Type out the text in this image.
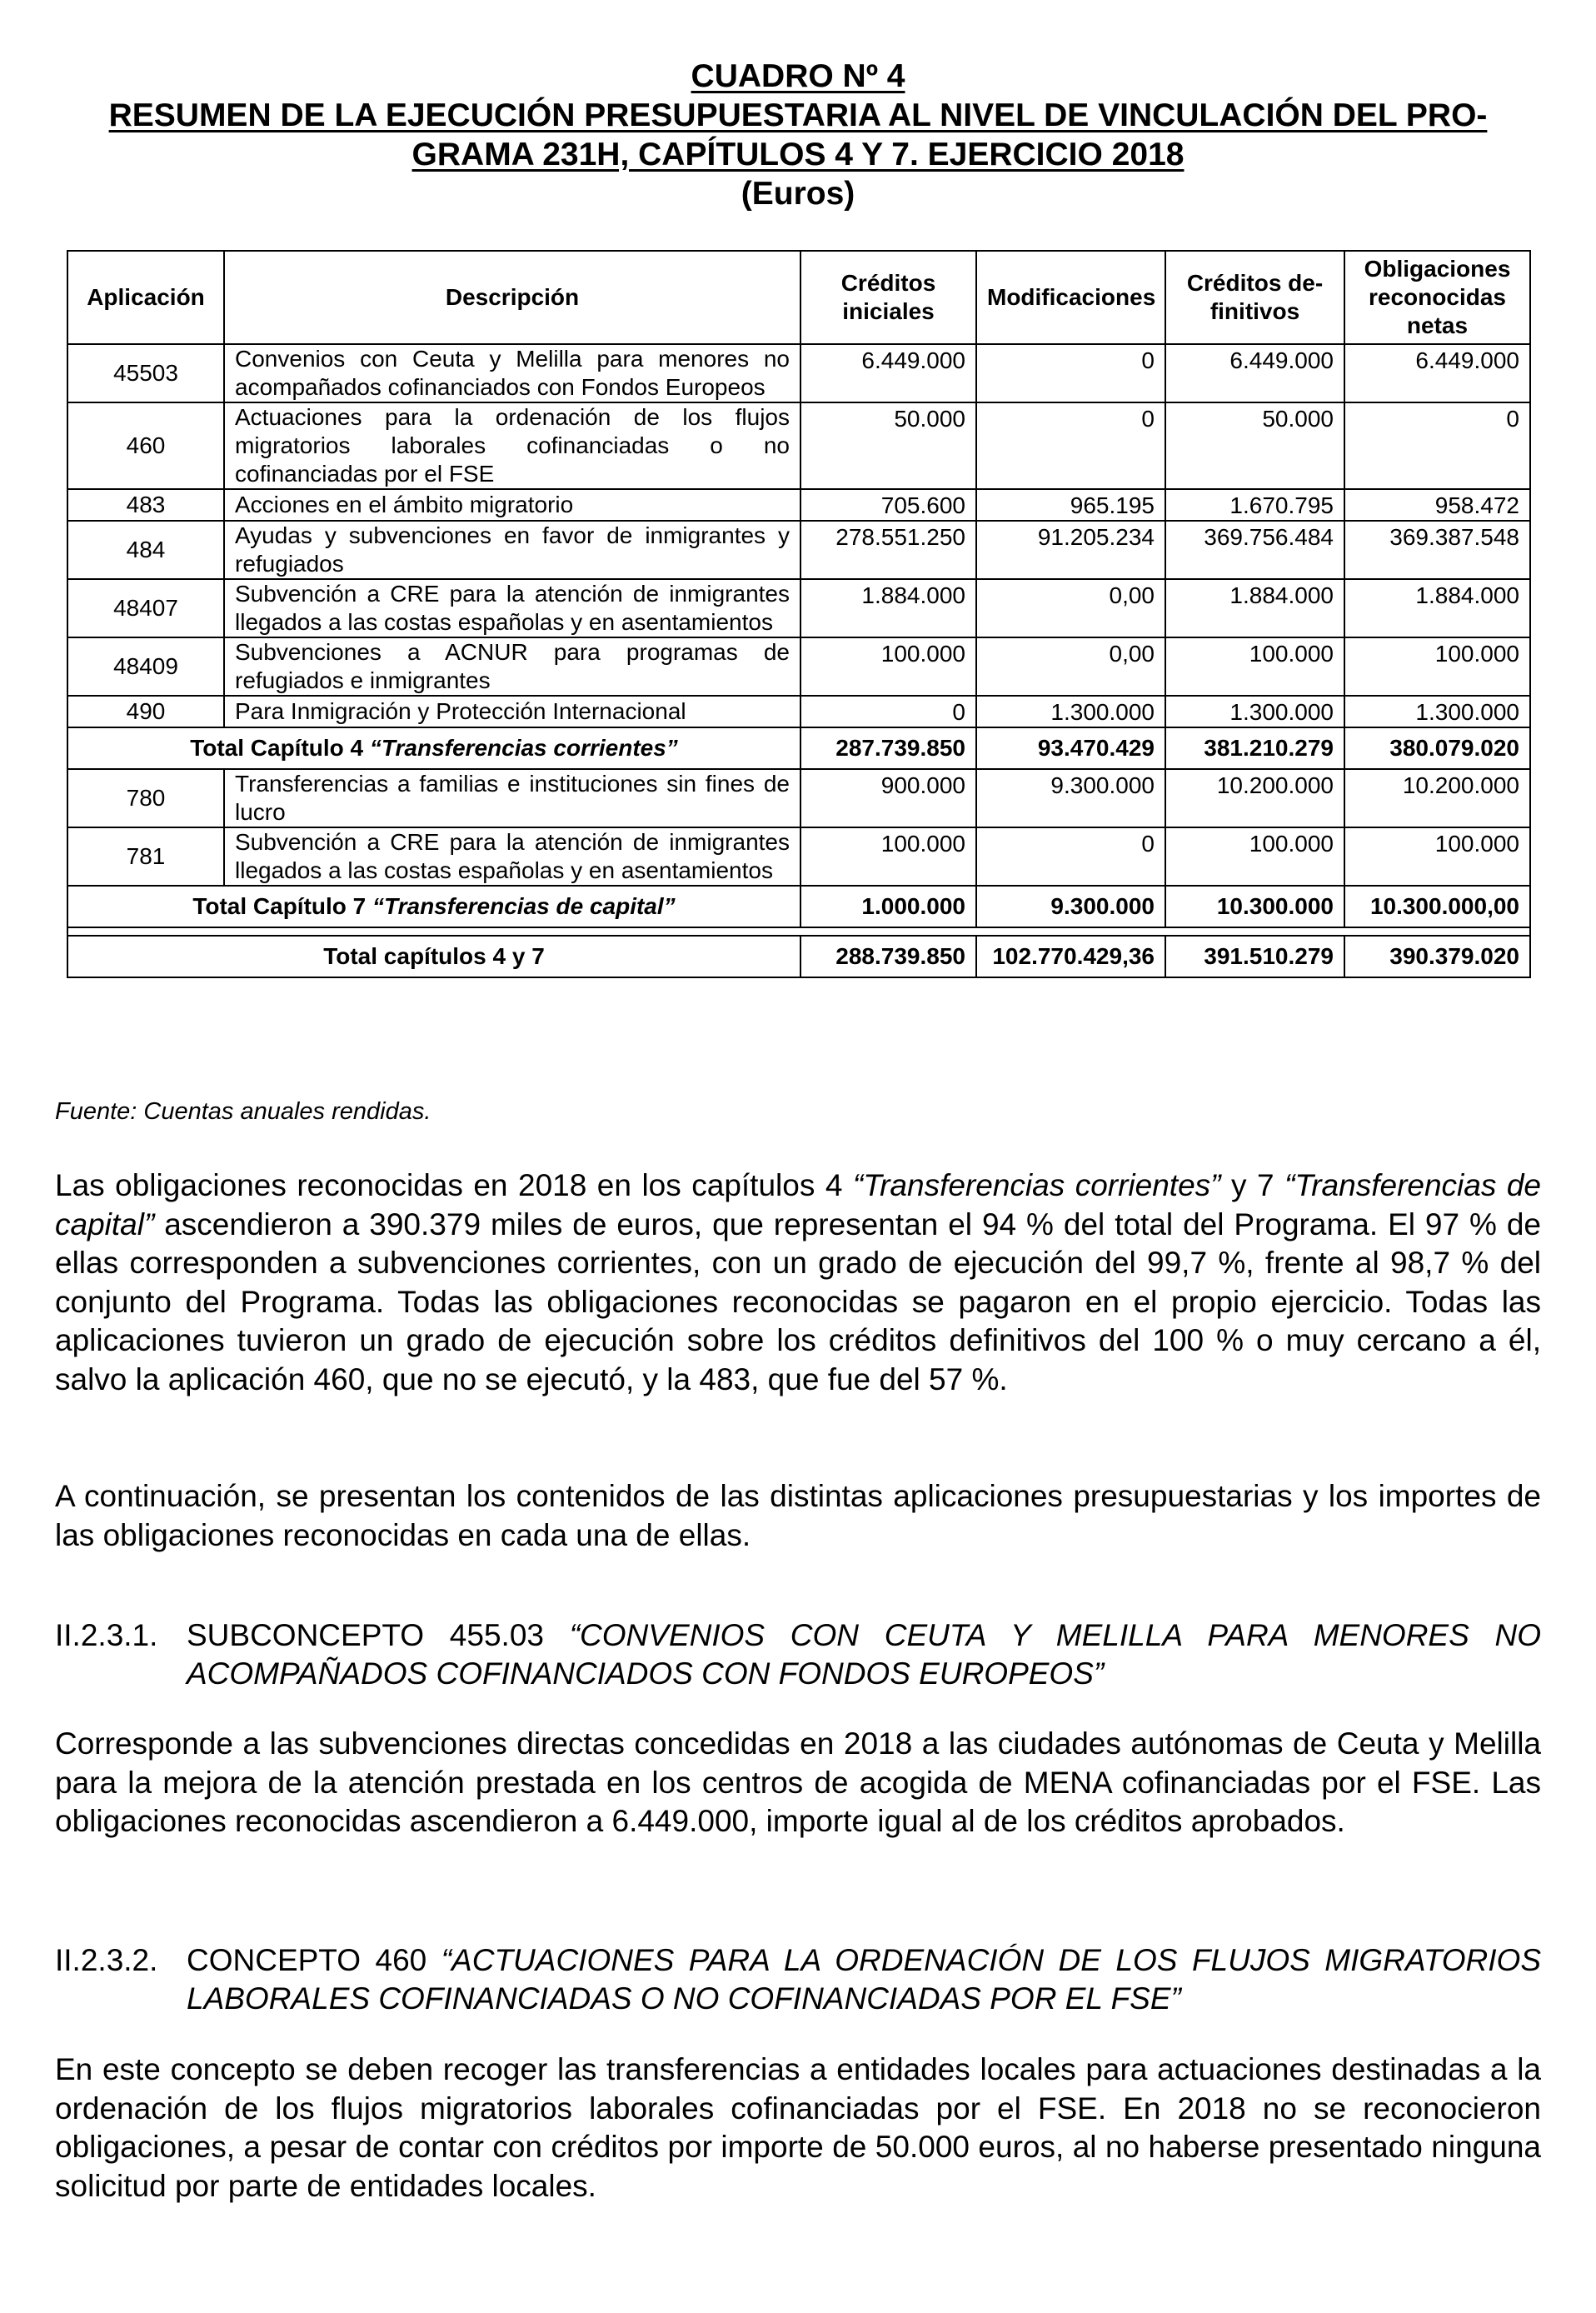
CUADRO Nº 4
RESUMEN DE LA EJECUCIÓN PRESUPUESTARIA AL NIVEL DE VINCULACIÓN DEL PRO-
GRAMA 231H, CAPÍTULOS 4 Y 7. EJERCICIO 2018
(Euros)
Aplicación	Descripción	Créditos iniciales	Modificaciones	Créditos de-finitivos	Obligaciones reconocidas netas
45503	Convenios con Ceuta y Melilla para menores no acompañados cofinanciados con Fondos Europeos	6.449.000	0	6.449.000	6.449.000
460	Actuaciones para la ordenación de los flujos migratorios laborales cofinanciadas o no cofinanciadas por el FSE	50.000	0	50.000	0
483	Acciones en el ámbito migratorio	705.600	965.195	1.670.795	958.472
484	Ayudas y subvenciones en favor de inmigrantes y refugiados	278.551.250	91.205.234	369.756.484	369.387.548
48407	Subvención a CRE para la atención de inmigrantes llegados a las costas españolas y en asentamientos	1.884.000	0,00	1.884.000	1.884.000
48409	Subvenciones a ACNUR para programas de refugiados e inmigrantes	100.000	0,00	100.000	100.000
490	Para Inmigración y Protección Internacional	0	1.300.000	1.300.000	1.300.000
Total Capítulo 4 “Transferencias corrientes”		287.739.850	93.470.429	381.210.279	380.079.020
780	Transferencias a familias e instituciones sin fines de lucro	900.000	9.300.000	10.200.000	10.200.000
781	Subvención a CRE para la atención de inmigrantes llegados a las costas españolas y en asentamientos	100.000	0	100.000	100.000
Total Capítulo 7 “Transferencias de capital”		1.000.000	9.300.000	10.300.000	10.300.000,00

Total capítulos 4 y 7		288.739.850	102.770.429,36	391.510.279	390.379.020
Fuente: Cuentas anuales rendidas.

Las obligaciones reconocidas en 2018 en los capítulos 4 “Transferencias corrientes” y 7 “Transferencias de capital” ascendieron a 390.379 miles de euros, que representan el 94 % del total del Programa. El 97 % de ellas corresponden a subvenciones corrientes, con un grado de ejecución del 99,7 %, frente al 98,7 % del conjunto del Programa. Todas las obligaciones reconocidas se pagaron en el propio ejercicio. Todas las aplicaciones tuvieron un grado de ejecución sobre los créditos definitivos del 100 % o muy cercano a él, salvo la aplicación 460, que no se ejecutó, y la 483, que fue del 57 %.

A continuación, se presentan los contenidos de las distintas aplicaciones presupuestarias y los importes de las obligaciones reconocidas en cada una de ellas.

II.2.3.1. SUBCONCEPTO 455.03 “CONVENIOS CON CEUTA Y MELILLA PARA MENORES NO ACOMPAÑADOS COFINANCIADOS CON FONDOS EUROPEOS”

Corresponde a las subvenciones directas concedidas en 2018 a las ciudades autónomas de Ceuta y Melilla para la mejora de la atención prestada en los centros de acogida de MENA cofinanciadas por el FSE. Las obligaciones reconocidas ascendieron a 6.449.000, importe igual al de los créditos aprobados.

II.2.3.2. CONCEPTO 460 “ACTUACIONES PARA LA ORDENACIÓN DE LOS FLUJOS MIGRATORIOS LABORALES COFINANCIADAS O NO COFINANCIADAS POR EL FSE”

En este concepto se deben recoger las transferencias a entidades locales para actuaciones destinadas a la ordenación de los flujos migratorios laborales cofinanciadas por el FSE. En 2018 no se reconocieron obligaciones, a pesar de contar con créditos por importe de 50.000 euros, al no haberse presentado ninguna solicitud por parte de entidades locales.
